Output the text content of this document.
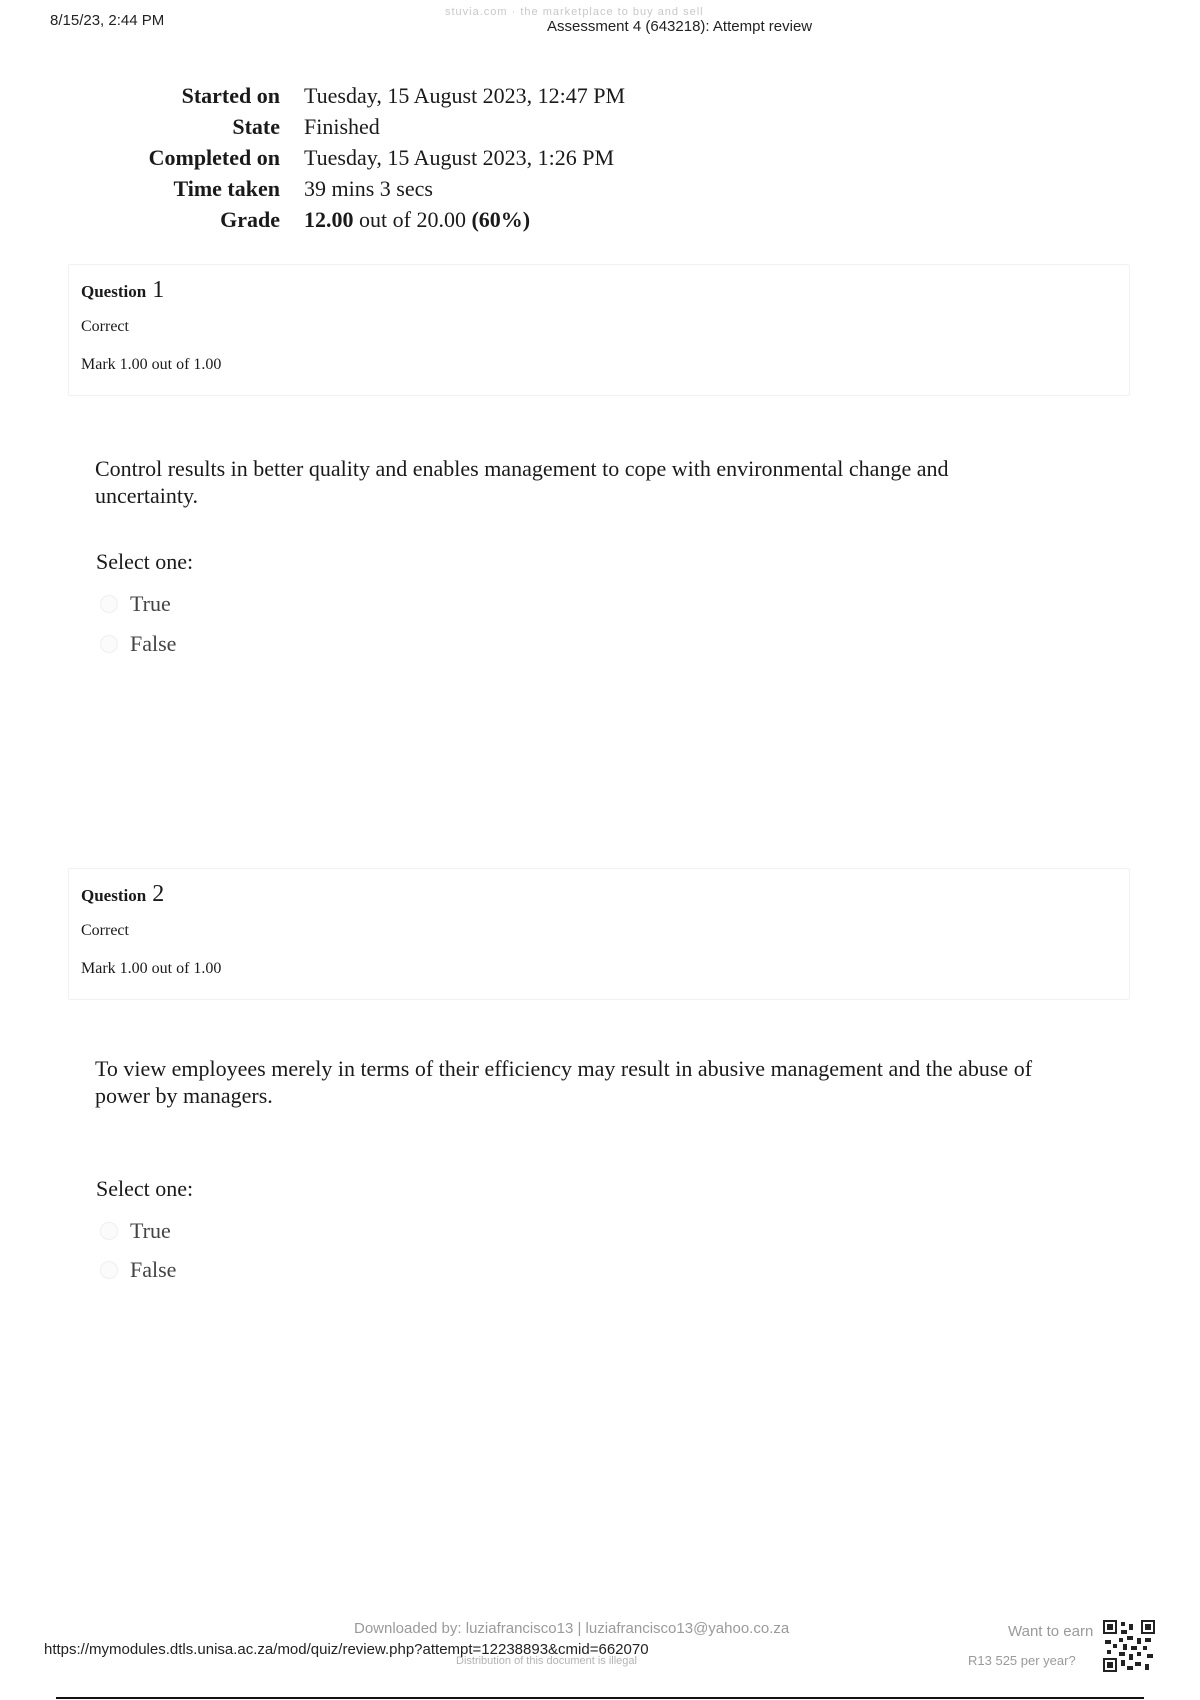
stuvia.com · the marketplace to buy and sell
8/15/23, 2:44 PM	Assessment 4 (643218): Attempt review
Started on	Tuesday, 15 August 2023, 12:47 PM
State	Finished
Completed on	Tuesday, 15 August 2023, 1:26 PM
Time taken	39 mins 3 secs
Grade	12.00 out of 20.00 (60%)
Question 1
Correct
Mark 1.00 out of 1.00
Control results in better quality and enables management to cope with environmental change and uncertainty.
Select one:
True
False
Question 2
Correct
Mark 1.00 out of 1.00
To view employees merely in terms of their efficiency may result in abusive management and the abuse of power by managers.
Select one:
True
False
Downloaded by: luziafrancisco13 | luziafrancisco13@yahoo.co.za
https://mymodules.dtls.unisa.ac.za/mod/quiz/review.php?attempt=12238893&cmid=662070
Distribution of this document is illegal
Want to earn
R13 525 per year?
